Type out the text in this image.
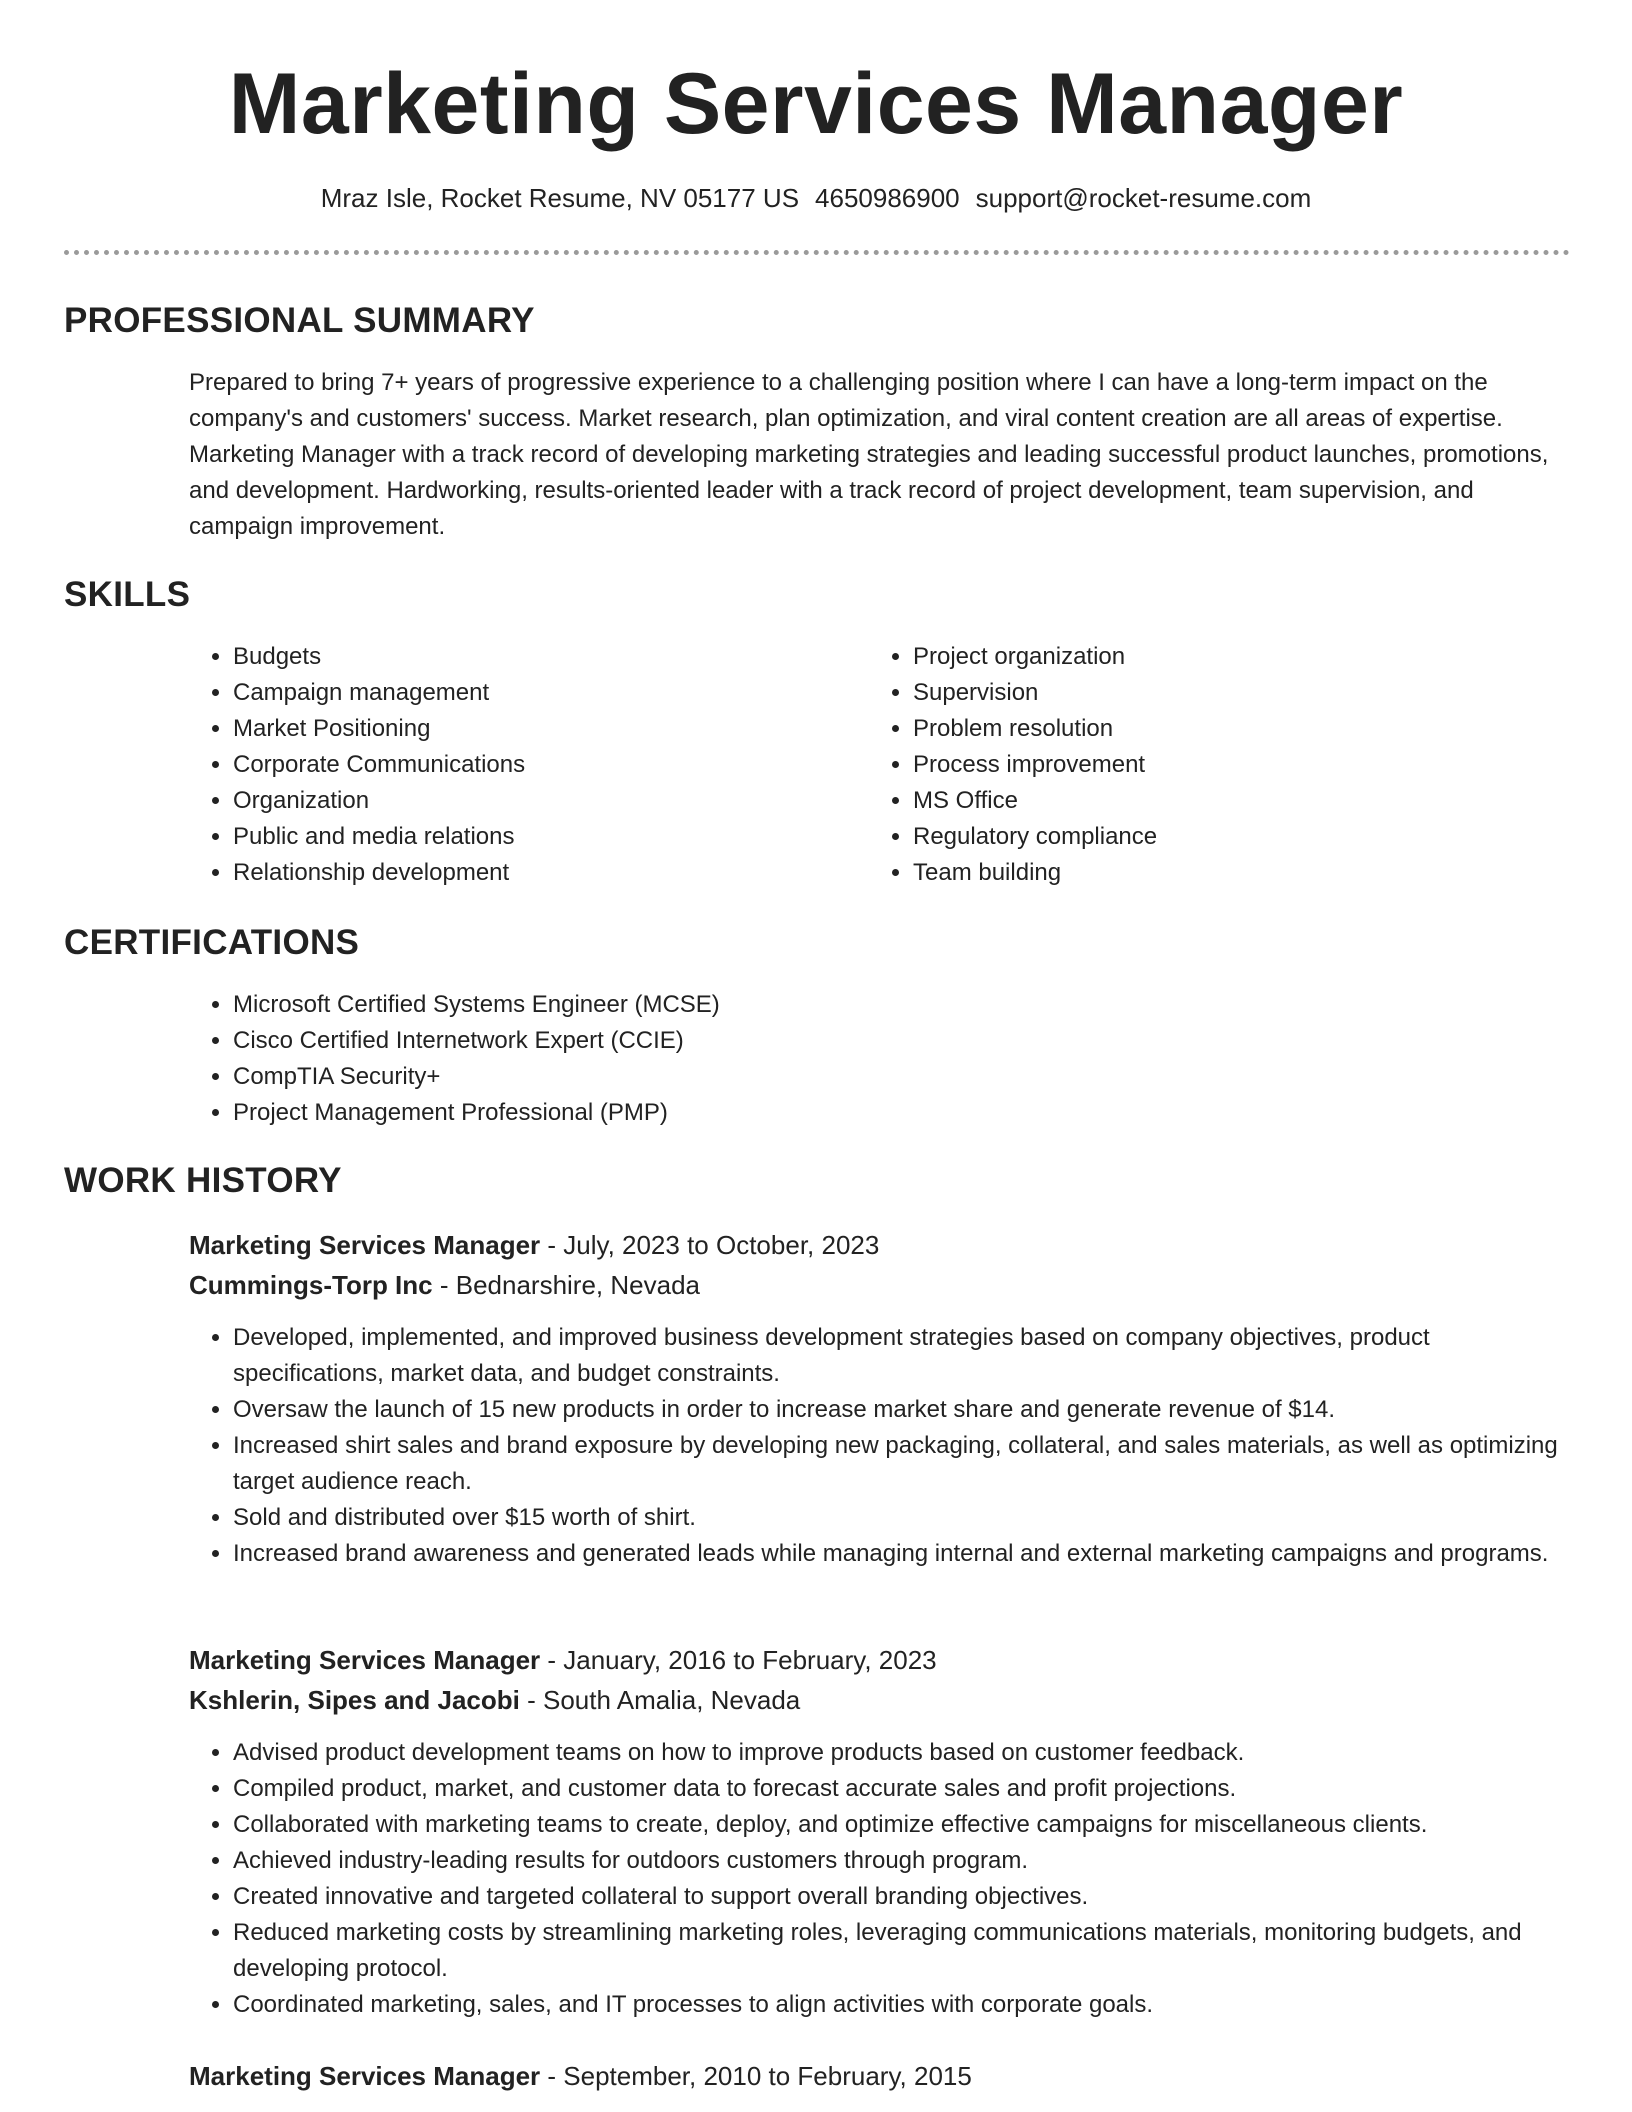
Marketing Services Manager
Mraz Isle, Rocket Resume, NV 05177 US 4650986900 support@rocket-resume.com
PROFESSIONAL SUMMARY

Prepared to bring 7+ years of progressive experience to a challenging position where I can have a long-term impact on the company's and customers' success. Market research, plan optimization, and viral content creation are all areas of expertise. Marketing Manager with a track record of developing marketing strategies and leading successful product launches, promotions, and development. Hardworking, results-oriented leader with a track record of project development, team supervision, and campaign improvement.

SKILLS
• Budgets
• Campaign management
• Market Positioning
• Corporate Communications
• Organization
• Public and media relations
• Relationship development
• Project organization
• Supervision
• Problem resolution
• Process improvement
• MS Office
• Regulatory compliance
• Team building
CERTIFICATIONS
• Microsoft Certified Systems Engineer (MCSE)
• Cisco Certified Internetwork Expert (CCIE)
• CompTIA Security+
• Project Management Professional (PMP)
WORK HISTORY
Marketing Services Manager - July, 2023 to October, 2023
Cummings-Torp Inc - Bednarshire, Nevada
• Developed, implemented, and improved business development strategies based on company objectives, product specifications, market data, and budget constraints.
• Oversaw the launch of 15 new products in order to increase market share and generate revenue of $14.
• Increased shirt sales and brand exposure by developing new packaging, collateral, and sales materials, as well as optimizing target audience reach.
• Sold and distributed over $15 worth of shirt.
• Increased brand awareness and generated leads while managing internal and external marketing campaigns and programs.
Marketing Services Manager - January, 2016 to February, 2023
Kshlerin, Sipes and Jacobi - South Amalia, Nevada
• Advised product development teams on how to improve products based on customer feedback.
• Compiled product, market, and customer data to forecast accurate sales and profit projections.
• Collaborated with marketing teams to create, deploy, and optimize effective campaigns for miscellaneous clients.
• Achieved industry-leading results for outdoors customers through program.
• Created innovative and targeted collateral to support overall branding objectives.
• Reduced marketing costs by streamlining marketing roles, leveraging communications materials, monitoring budgets, and developing protocol.
• Coordinated marketing, sales, and IT processes to align activities with corporate goals.
Marketing Services Manager - September, 2010 to February, 2015
